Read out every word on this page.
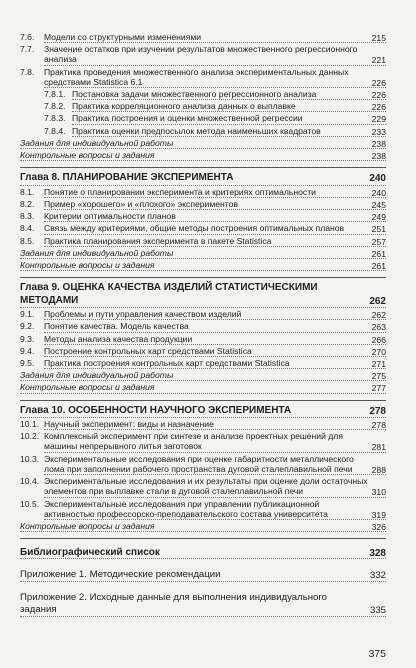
7.6. Модели со структурными изменениями	215
7.7. Значение остатков при изучении результатов множественного регрессионного анализа	221
7.8. Практика проведения множественного анализа экспериментальных данных средствами Statistica 6.1	226
7.8.1. Постановка задачи множественного регрессионного анализа	226
7.8.2. Практика корреляционного анализа данных о выплавке	226
7.8.3. Практика построения и оценки множественной регрессии	229
7.8.4. Практика оценки предпосылок метода наименьших квадратов	233
Задания для индивидуальной работы	238
Контрольные вопросы и задания	238
Глава 8. ПЛАНИРОВАНИЕ ЭКСПЕРИМЕНТА	240
8.1. Понятие о планировании эксперимента и критериях оптимальности	240
8.2. Пример «хорошего» и «плохого» экспериментов	245
8.3. Критерии оптимальности планов	249
8.4. Связь между критериями, общие методы построения оптимальных планов	251
8.5. Практика планирования эксперимента в пакете Statistica	257
Задания для индивидуальной работы	261
Контрольные вопросы и задания	261
Глава 9. ОЦЕНКА КАЧЕСТВА ИЗДЕЛИЙ СТАТИСТИЧЕСКИМИ МЕТОДАМИ	262
9.1. Проблемы и пути управления качеством изделий	262
9.2. Понятие качества. Модель качества	263
9.3. Методы анализа качества продукции	266
9.4. Построение контрольных карт средствами Statistica	270
9.5. Практика построения контрольных карт средствами Statistica	271
Задания для индивидуальной работы	275
Контрольные вопросы и задания	277
Глава 10. ОСОБЕННОСТИ НАУЧНОГО ЭКСПЕРИМЕНТА	278
10.1. Научный эксперимент: виды и назначение	278
10.2. Комплексный эксперимент при синтезе и анализе проектных решений для машины непрерывного литья заготовок	281
10.3. Экспериментальные исследования при оценке габаритности металлического лома при заполнении рабочего пространства дуговой сталеплавильной печи	288
10.4. Экспериментальные исследования и их результаты при оценке доли остаточных элементов при выплавке стали в дуговой сталеплавильной печи	310
10.5. Экспериментальные исследования при управлении публикационной активностью профессорско-преподавательского состава университета	319
Контрольные вопросы и задания	326
Библиографический список	328
Приложение 1. Методические рекомендации	332
Приложение 2. Исходные данные для выполнения индивидуального задания	335
375
